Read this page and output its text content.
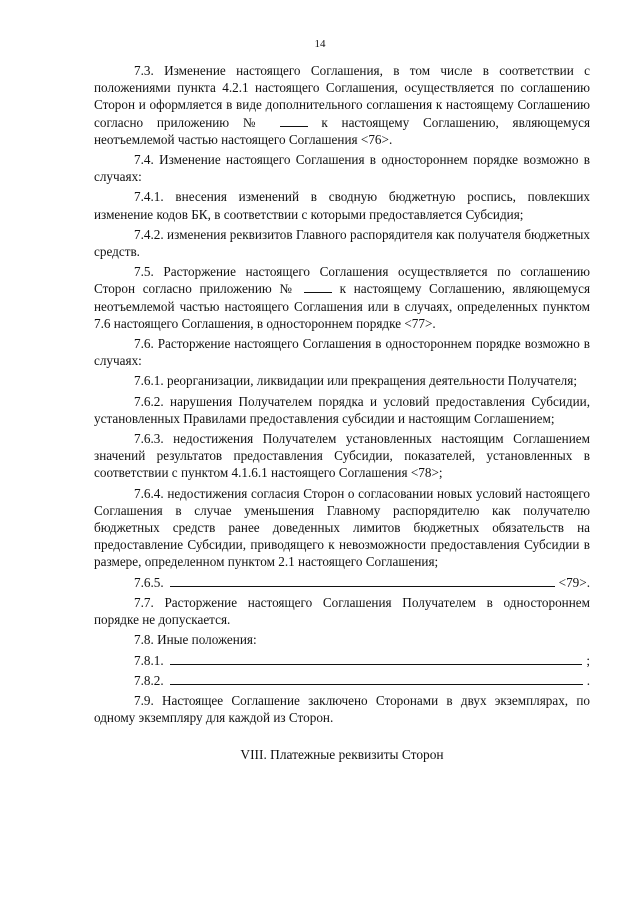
14

7.3. Изменение настоящего Соглашения, в том числе в соответствии с положениями пункта 4.2.1 настоящего Соглашения, осуществляется по соглашению Сторон и оформляется в виде дополнительного соглашения к настоящему Соглашению согласно приложению №	к настоящему Соглашению, являющемуся неотъемлемой частью настоящего Соглашения <76>.

7.4. Изменение настоящего Соглашения в одностороннем порядке возможно в случаях:

7.4.1. внесения изменений в сводную бюджетную роспись, повлекших изменение кодов БК, в соответствии с которыми предоставляется Субсидия;

7.4.2. изменения реквизитов Главного распорядителя как получателя бюджетных средств.

7.5. Расторжение настоящего Соглашения осуществляется по соглашению Сторон согласно приложению №	к настоящему Соглашению, являющемуся неотъемлемой частью настоящего Соглашения или в случаях, определенных пунктом 7.6 настоящего Соглашения, в одностороннем порядке <77>.

7.6. Расторжение настоящего Соглашения в одностороннем порядке возможно в случаях:

7.6.1. реорганизации, ликвидации или прекращения деятельности Получателя;

7.6.2. нарушения Получателем порядка и условий предоставления Субсидии, установленных Правилами предоставления субсидии и настоящим Соглашением;

7.6.3. недостижения Получателем установленных настоящим Соглашением значений результатов предоставления Субсидии, показателей, установленных в соответствии с пунктом 4.1.6.1 настоящего Соглашения <78>;

7.6.4. недостижения согласия Сторон о согласовании новых условий настоящего Соглашения в случае уменьшения Главному распорядителю как получателю бюджетных средств ранее доведенных лимитов бюджетных обязательств на предоставление Субсидии, приводящего к невозможности предоставления Субсидии в размере, определенном пунктом 2.1 настоящего Соглашения;

7.6.5.	<79>.

7.7. Расторжение настоящего Соглашения Получателем в одностороннем порядке не допускается.

7.8. Иные положения:

7.8.1.	;
7.8.2.	.

7.9. Настоящее Соглашение заключено Сторонами в двух экземплярах, по одному экземпляру для каждой из Сторон.

VIII. Платежные реквизиты Сторон
